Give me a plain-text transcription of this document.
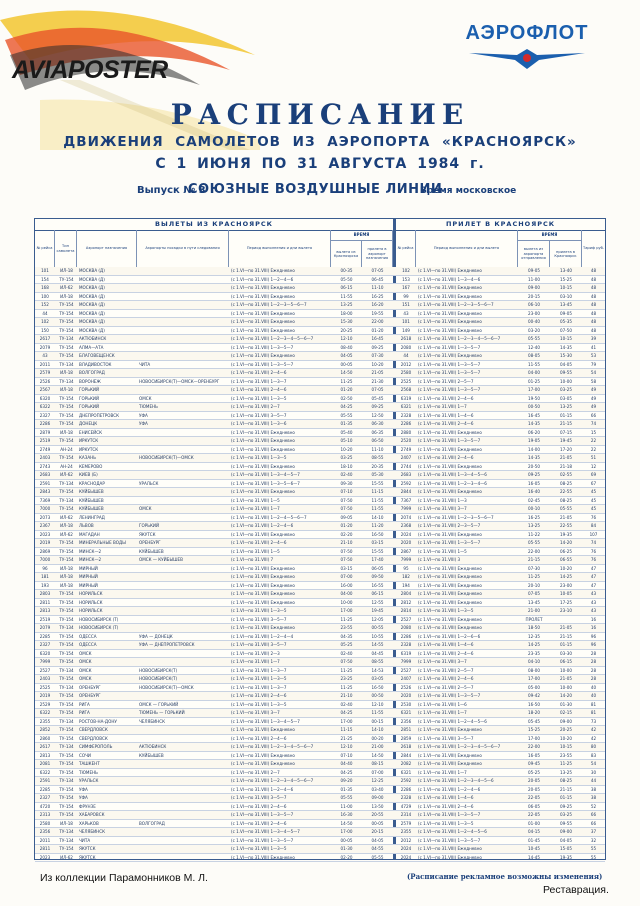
AVIAPOSTER
АЭРОФЛОТ
РАСПИСАНИЕ
ДВИЖЕНИЯ САМОЛЕТОВ ИЗ АЭРОПОРТА «КРАСНОЯРСК»
С 1 ИЮНЯ ПО 31 АВГУСТА 1984 г.
Выпуск № 3
СОЮЗНЫЕ ВОЗДУШНЫЕ ЛИНИИ
Время московское
ВЫЛЕТЫ ИЗ КРАСНОЯРСК	ПРИЛЕТ В КРАСНОЯРСК
№ рейса
Тип самолета
Аэропорт назначения	Аэропорты посадки в пути следования	Период выполнения и дни вылета
ВРЕМЯ
вылета из Красноярска
прилета в аэропорт назначения
№ рейса	Период выполнения и дни вылета
ВРЕМЯ
вылета из аэропорта отправления
прилета в Красноярск
Тариф руб.
101	ИЛ-18	МОСКВА (Д)	(с 1.VI—по 31.VIII) Ежедневно	00-35	07-05	102	(с 1.VI—по 31.VIII) Ежедневно	09-05	13-40	48
154	ТУ-154	МОСКВА (Д)	(с 1.VI—по 31.VIII) 1—2—4—6	05-50	06-45	153	(с 1.VI—по 31.VIII) 1—3—4—6	11-00	15-25	48
168	ИЛ-62	МОСКВА (Д)	(с 1.VI—по 31.VIII) Ежедневно	06-15	11-10	167	(с 1.VI—по 31.VIII) Ежедневно	09-00	10-15	48
100	ИЛ-18	МОСКВА (Д)	(с 1.VI—по 31.VIII) Ежедневно	11-55	16-25	99	(с 1.VI—по 31.VIII) Ежедневно	20-15	03-10	48
152	ТУ-154	МОСКВА (Д)	(с 1.VI—по 31.VIII) 1—2—3—5—6—7	13-25	16-20	151	(с 1.VI—по 31.VIII) 1—2—3—5—6—7	06-10	13-45	48
44	ТУ-154	МОСКВА (Д)	(с 1.VI—по 31.VIII) Ежедневно	18-00	19-55	43	(с 1.VI—по 31.VIII) Ежедневно	23-00	09-05	48
102	ТУ-154	МОСКВА (Д)	(с 1.VI—по 31.VIII) Ежедневно	15-30	22-00	101	(с 1.VI—по 31.VIII) Ежедневно	00-40	05-35	48
150	ТУ-154	МОСКВА (Д)	(с 1.VI—по 31.VIII) Ежедневно	20-25	01-20	149	(с 1.VI—по 31.VIII) Ежедневно	03-20	07-50	48
2617	ТУ-134	АКТЮБИНСК	(с 1.VI—по 31.VIII) 1—2—3—4—5—6—7	12-10	16-45	2618	(с 1.VI—по 31.VIII) 1—2—3—4—5—6—7	05-55	10-15	39
2079	ТУ-154	АЛМА—АТА	(с 1.VI—по 31.VIII) 1—3—5—7	08-40	09-25	2080	(с 1.VI—по 31.VIII) 1—3—5—7	12-40	14-35	41
43	ТУ-154	БЛАГОВЕЩЕНСК	(с 1.VI—по 31.VIII) Ежедневно	04-05	07-30	44	(с 1.VI—по 31.VIII) Ежедневно	08-05	15-30	53
2011	ТУ-134	ВЛАДИВОСТОК	ЧИТА	(с 1.VI—по 31.VIII) 1—3—5—7	00-05	10-20	2012	(с 1.VI—по 31.VIII) 1—3—5—7	11-55	04-05	79
2579	ИЛ-18	ВОЛГОГРАД	(с 1.VI—по 31.VIII) 2—4—6	14-50	21-05	2580	(с 1.VI—по 31.VIII) 1—3—5—7	04-00	09-55	54
2526	ТУ-134	ВОРОНЕЖ	НОВОСИБИРСК(Т)—ОМСК—ОРЕНБУРГ	(с 1.VI—по 31.VIII) 1—3—7	11-25	21-30	2525	(с 1.VI—по 31.VIII) 2—5—7	01-25	10-00	58
2567	ИЛ-18	ГОРЬКИЙ	(с 1.VI—по 31.VIII) 2—4—6	01-20	07-05	2568	(с 1.VI—по 31.VIII) 1—3—5—7	17-00	03-25	49
6320	ТУ-154	ГОРЬКИЙ	ОМСК	(с 1.VI—по 31.VIII) 1—3—5	02-50	05-45	6319	(с 1.VI—по 31.VIII) 2—4—6	19-50	03-05	49
6322	ТУ-154	ГОРЬКИЙ	ТЮМЕНЬ	(с 1.VI—по 31.VIII) 2—7	04-25	09-25	6321	(с 1.VI—по 31.VIII) 1—7	00-50	13-25	49
2327	ТУ-154	ДНЕПРОПЕТРОВСК	УФА	(с 1.VI—по 31.VIII) 3—5—7	05-55	12-50	2328	(с 1.VI—по 31.VIII) 1—4—6	16-45	01-15	66
2286	ТУ-154	ДОНЕЦК	УФА	(с 1.VI—по 31.VIII) 1—3—6	01-35	06-30	2286	(с 1.VI—по 31.VIII) 2—4—6	14-35	21-15	74
2879	ИЛ-18	ЕНИСЕЙСК	(с 1.VI—по 31.VIII) Ежедневно	05-40	06-35	2880	(с 1.VI—по 31.VIII) Ежедневно	06-20	07-15	15
2519	ТУ-154	ИРКУТСК	(с 1.VI—по 31.VIII) Ежедневно	05-10	06-50	2520	(с 1.VI—по 31.VIII) 1—3—5—7	19-05	19-45	22
2749	АН-24	ИРКУТСК	(с 1.VI—по 31.VIII) Ежедневно	10-20	11-10	2749	(с 1.VI—по 31.VIII) Ежедневно	14-00	17-20	22
2403	ТУ-154	КАЗАНЬ	НОВОСИБИРСК(Т)—ОМСК	(с 1.VI—по 31.VIII) 1—3—5	03-25	08-55	2407	(с 1.VI—по 31.VIII) 2—4—6	14-35	21-05	51
2743	АН-24	КЕМЕРОВО	(с 1.VI—по 31.VIII) Ежедневно	18-10	20-35	2744	(с 1.VI—по 31.VIII) Ежедневно	20-50	21-18	12
2683	ИЛ-62	КИЕВ (Б)	(с 1.VI—по 31.VIII) 1—3—4—5—7	02-40	05-30	2683	(с 1.VI—по 31.VIII) 1—3—4—5—6	09-25	02-55	69
2591	ТУ-134	КРАСНОДАР	УРАЛЬСК	(с 1.VI—по 31.VIII) 1—3—5—6—7	09-30	15-55	2592	(с 1.VI—по 31.VIII) 1—2—3—4—6	16-05	08-25	67
2843	ТУ-154	КУЙБЫШЕВ	(с 1.VI—по 31.VIII) Ежедневно	07-10	11-15	2844	(с 1.VI—по 31.VIII) Ежедневно	16-40	22-55	45
7369	ТУ-134	КУЙБЫШЕВ	(с 1.VI—по 31.VIII) 1—5	07-50	11-55	7367	(с 1.VI—по 31.VIII) 1—3	02-45	08-25	45
7000	ТУ-154	КУЙБЫШЕВ	ОМСК	(с 1.VI—по 31.VIII) 1—7	07-50	11-55	7999	(с 1.VI—по 31.VIII) 3—7	00-10	05-55	45
2073	ИЛ-62	ЛЕНИНГРАД	(с 1.VI—по 31.VIII) 1—2—4—5—6—7	09-05	14-10	2074	(с 1.VI—по 31.VIII) 1—2—3—5—6—7	16-25	21-05	76
2367	ИЛ-18	ЛЬВОВ	ГОРЬКИЙ	(с 1.VI—по 31.VIII) 1—2—4—6	01-20	11-20	2368	(с 1.VI—по 31.VIII) 2—3—5—7	13-25	22-55	84
2023	ИЛ-62	МАГАДАН	ЯКУТСК	(с 1.VI—по 31.VIII) Ежедневно	02-20	16-50	2024	(с 1.VI—по 31.VIII) Ежедневно	11-22	19-35	107
2019	ТУ-154	МИНЕРАЛЬНЫЕ ВОДЫ	ОРЕНБУРГ	(с 1.VI—по 31.VIII) 2—4—6	21-10	03-15	2020	(с 1.VI—по 31.VIII) 1—3—5—7	05-55	14-20	74
2869	ТУ-154	МИНСК—2	КУЙБЫШЕВ	(с 1.VI—по 31.VIII) 1—5	07-50	15-55	2867	(с 1.VI—по 31.VIII) 1—5	22-00	06-25	76
7000	ТУ-154	МИНСК—2	ОМСК — КУЙБЫШЕВ	(с 1.VI—по 31.VIII) 7	07-50	17-40	7999	(с 1.VI—по 31.VIII) 3	21-15	06-55	76
96	ИЛ-18	МИРНЫЙ	(с 1.VI—по 31.VIII) Ежедневно	03-15	06-05	95	(с 1.VI—по 31.VIII) Ежедневно	07-30	10-20	47
181	ИЛ-18	МИРНЫЙ	(с 1.VI—по 31.VIII) Ежедневно	07-00	09-50	182	(с 1.VI—по 31.VIII) Ежедневно	11-25	14-25	47
193	ИЛ-18	МИРНЫЙ	(с 1.VI—по 31.VIII) Ежедневно	16-00	16-55	194	(с 1.VI—по 31.VIII) Ежедневно	20-10	23-00	47
2803	ТУ-154	НОРИЛЬСК	(с 1.VI—по 31.VIII) Ежедневно	04-00	06-15	2804	(с 1.VI—по 31.VIII) Ежедневно	07-05	10-05	43
2811	ТУ-154	НОРИЛЬСК	(с 1.VI—по 31.VIII) Ежедневно	10-00	12-55	2812	(с 1.VI—по 31.VIII) Ежедневно	13-45	17-25	43
2813	ТУ-154	НОРИЛЬСК	(с 1.VI—по 31.VIII) 1—3—5	17-00	19-45	2814	(с 1.VI—по 31.VIII) 1—3—5	21-00	23-10	43
2519	ТУ-154	НОВОСИБИРСК (Т)	(с 1.VI—по 31.VIII) 3—5—7	11-25	12-05	2527	(с 1.VI—по 31.VIII) Ежедневно	ПРОЛЕТ	16
2079	ТУ-134	НОВОСИБИРСК (Т)	(с 1.VI—по 31.VIII) Ежедневно	23-55	00-55	2080	(с 1.VI—по 31.VIII) Ежедневно	18-50	21-05	16
2285	ТУ-154	ОДЕССА	УФА — ДОНЕЦК	(с 1.VI—по 31.VIII) 1—2—4—4	04-35	10-55	2286	(с 1.VI—по 31.VIII) 1—2—6—6	12-35	21-15	96
2327	ТУ-154	ОДЕССА	УФА — ДНЕПРОПЕТРОВСК	(с 1.VI—по 31.VIII) 3—5—7	05-25	14-55	2328	(с 1.VI—по 31.VIII) 1—4—6	14-25	01-15	96
6320	ТУ-154	ОМСК	(с 1.VI—по 31.VIII) 2—3	02-40	04-45	6319	(с 1.VI—по 31.VIII) 2—4—6	23-35	03-30	28
7999	ТУ-154	ОМСК	(с 1.VI—по 31.VIII) 1—7	07-50	08-55	7999	(с 1.VI—по 31.VIII) 3—7	04-10	06-15	28
2527	ТУ-134	ОМСК	НОВОСИБИРСК(Т)	(с 1.VI—по 31.VIII) 1—3—7	11-25	14-53	2527	(с 1.VI—по 31.VIII) 2—5—7	08-00	10-00	28
2403	ТУ-154	ОМСК	НОВОСИБИРСК(Т)	(с 1.VI—по 31.VIII) 1—3—5	23-25	03-05	2407	(с 1.VI—по 31.VIII) 2—4—6	17-00	21-05	28
2525	ТУ-134	ОРЕНБУРГ	НОВОСИБИРСК(Т)—ОМСК	(с 1.VI—по 31.VIII) 1—3—7	11-25	16-50	2526	(с 1.VI—по 31.VIII) 2—5—7	05-00	10-00	40
2019	ТУ-154	ОРЕНБУРГ	(с 1.VI—по 31.VIII) 2—4—6	21-10	00-50	2020	(с 1.VI—по 31.VIII) 1—3—5—7	09-42	14-20	40
2529	ТУ-154	РИГА	ОМСК — ГОРЬКИЙ	(с 1.VI—по 31.VIII) 1—3—5	02-40	12-10	2530	(с 1.VI—по 31.VIII) 1—6	16-50	01-30	81
6322	ТУ-154	РИГА	ТЮМЕНЬ — ГОРЬКИЙ	(с 1.VI—по 31.VIII) 3—7	04-25	11-55	6321	(с 1.VI—по 31.VIII) 1—7	18-20	02-15	81
2355	ТУ-134	РОСТОВ-НА-ДОНУ	ЧЕЛЯБИНСК	(с 1.VI—по 31.VIII) 1—3—4—5—7	17-00	00-15	2356	(с 1.VI—по 31.VIII) 1—2—4—5—6	05-45	09-00	73
2852	ТУ-154	СВЕРДЛОВСК	(с 1.VI—по 31.VIII) Ежедневно	11-15	14-10	2851	(с 1.VI—по 31.VIII) Ежедневно	15-25	20-25	42
2860	ТУ-154	СВЕРДЛОВСК	(с 1.VI—по 31.VIII) 2—4—6	21-25	00-20	2859	(с 1.VI—по 31.VIII) 3—5—7	17-00	10-20	42
2617	ТУ-134	СИМФЕРОПОЛЬ	АКТЮБИНСК	(с 1.VI—по 31.VIII) 1—2—3—4—5—6—7	12-10	21-00	2618	(с 1.VI—по 31.VIII) 1—2—3—4—5—6—7	22-00	10-15	80
2813	ТУ-154	СОЧИ	КУЙБЫШЕВ	(с 1.VI—по 31.VIII) Ежедневно	07-10	14-50	2844	(с 1.VI—по 31.VIII) Ежедневно	16-05	23-55	83
2081	ТУ-154	ТАШКЕНТ	(с 1.VI—по 31.VIII) Ежедневно	04-40	08-15	2082	(с 1.VI—по 31.VIII) Ежедневно	09-45	11-25	54
6322	ТУ-154	ТЮМЕНЬ	(с 1.VI—по 31.VIII) 2—7	04-25	07-00	6321	(с 1.VI—по 31.VIII) 1—7	05-25	13-25	30
2591	ТУ-134	УРАЛЬСК	(с 1.VI—по 31.VIII) 1—2—3—4—5—6—7	09-20	12-25	2592	(с 1.VI—по 31.VIII) 1—2—3—4—5—6	20-05	08-25	44
2285	ТУ-154	УФА	(с 1.VI—по 31.VIII) 1—2—4—6	01-35	03-40	2286	(с 1.VI—по 31.VIII) 1—2—4—6	20-05	21-15	38
2327	ТУ-154	УФА	(с 1.VI—по 31.VIII) 3—5—7	05-55	09-00	2328	(с 1.VI—по 31.VIII) 1—4—6	22-05	01-15	38
4720	ТУ-154	ФРУНЗЕ	(с 1.VI—по 31.VIII) 2—4—6	11-00	13-50	4729	(с 1.VI—по 31.VIII) 2—4—6	06-05	09-25	52
2313	ТУ-154	ХАБАРОВСК	(с 1.VI—по 31.VIII) 1—3—5—7	16-30	20-55	2314	(с 1.VI—по 31.VIII) 1—3—5—7	22-05	03-25	66
2580	ИЛ-18	ХАРЬКОВ	ВОЛГОГРАД	(с 1.VI—по 31.VIII) 2—4—6	14-50	00-05	2579	(с 1.VI—по 31.VIII) 1—3—5	01-00	09-55	66
2356	ТУ-134	ЧЕЛЯБИНСК	(с 1.VI—по 31.VIII) 1—3—4—5—7	17-00	20-15	2355	(с 1.VI—по 31.VIII) 1—2—4—5—6	04-15	09-00	37
2011	ТУ-134	ЧИТА	(с 1.VI—по 31.VIII) 1—3—5—7	00-05	04-05	2012	(с 1.VI—по 31.VIII) 1—3—5—7	01-45	04-05	32
2811	ТУ-154	ЯКУТСК	(с 1.VI—по 31.VIII) 1—3—5	01-30	04-55	2024	(с 1.VI—по 31.VIII) Ежедневно	10-45	15-05	55
2023	ИЛ-62	ЯКУТСК	(с 1.VI—по 31.VIII) Ежедневно	02-20	05-55	2024	(с 1.VI—по 31.VIII) Ежедневно	14-45	19-35	55
Из коллекции Парамонников М. Л.	(Расписание рекламное возможны изменения)
Реставрация.
